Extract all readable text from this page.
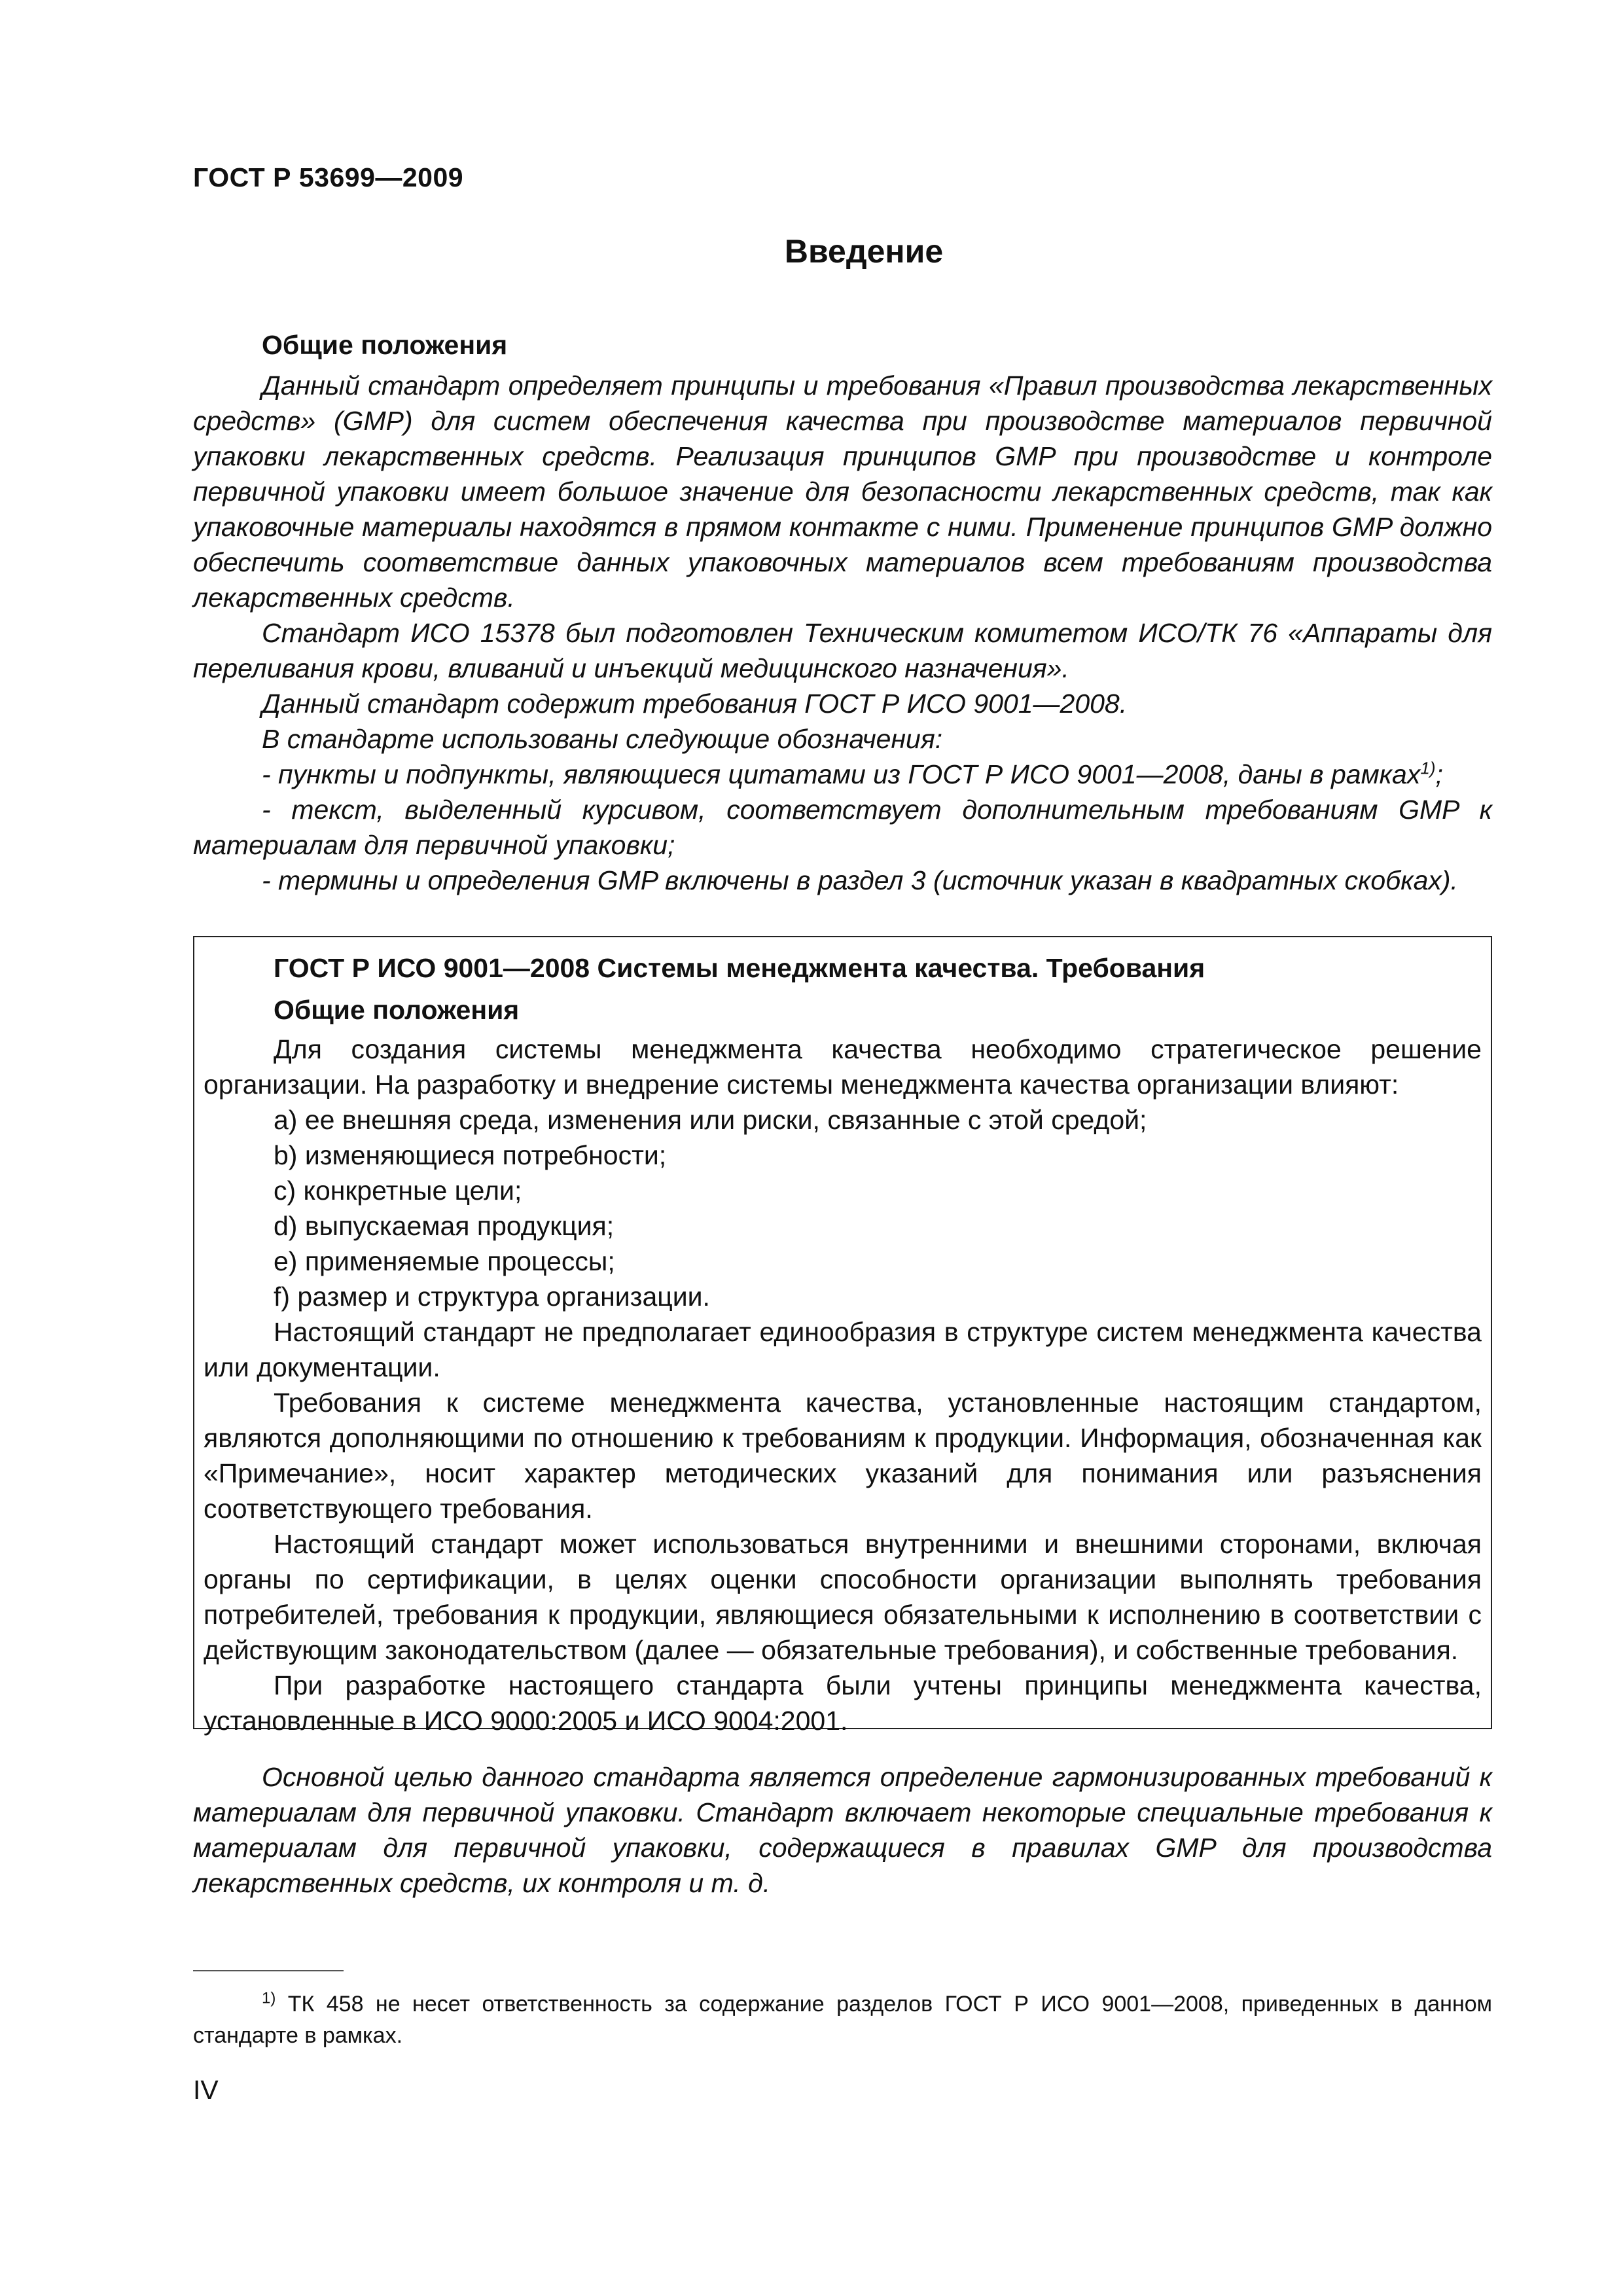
ГОСТ Р 53699—2009
Введение

Общие положения

Данный стандарт определяет принципы и требования «Правил производства лекарственных средств» (GMP) для систем обеспечения качества при производстве материалов первичной упаковки лекарственных средств. Реализация принципов GMP при производстве и контроле первичной упаковки имеет большое значение для безопасности лекарственных средств, так как упаковочные материалы находятся в прямом контакте с ними. Применение принципов GMP должно обеспечить соответствие данных упаковочных материалов всем требованиям производства лекарственных средств.

Стандарт ИСО 15378 был подготовлен Техническим комитетом ИСО/ТК 76 «Аппараты для переливания крови, вливаний и инъекций медицинского назначения».

Данный стандарт содержит требования ГОСТ Р ИСО 9001—2008.

В стандарте использованы следующие обозначения:

- пункты и подпункты, являющиеся цитатами из ГОСТ Р ИСО 9001—2008, даны в рамках$^{1)}$;

- текст, выделенный курсивом, соответствует дополнительным требованиям GMP к материалам для первичной упаковки;

- термины и определения GMP включены в раздел 3 (источник указан в квадратных скобках).

ГОСТ Р ИСО 9001—2008 Системы менеджмента качества. Требования

Общие положения

Для создания системы менеджмента качества необходимо стратегическое решение организации. На разработку и внедрение системы менеджмента качества организации влияют:

a) ее внешняя среда, изменения или риски, связанные с этой средой;

b) изменяющиеся потребности;

c) конкретные цели;

d) выпускаемая продукция;

e) применяемые процессы;

f) размер и структура организации.

Настоящий стандарт не предполагает единообразия в структуре систем менеджмента качества или документации.

Требования к системе менеджмента качества, установленные настоящим стандартом, являются дополняющими по отношению к требованиям к продукции. Информация, обозначенная как «Примечание», носит характер методических указаний для понимания или разъяснения соответствующего требования.

Настоящий стандарт может использоваться внутренними и внешними сторонами, включая органы по сертификации, в целях оценки способности организации выполнять требования потребителей, требования к продукции, являющиеся обязательными к исполнению в соответствии с действующим законодательством (далее — обязательные требования), и собственные требования.

При разработке настоящего стандарта были учтены принципы менеджмента качества, установленные в ИСО 9000:2005 и ИСО 9004:2001.

Основной целью данного стандарта является определение гармонизированных требований к материалам для первичной упаковки. Стандарт включает некоторые специальные требования к материалам для первичной упаковки, содержащиеся в правилах GMP для производства лекарственных средств, их контроля и т. д.

$^{1)}$ ТК 458 не несет ответственность за содержание разделов ГОСТ Р ИСО 9001—2008, приведенных в данном стандарте в рамках.

IV
